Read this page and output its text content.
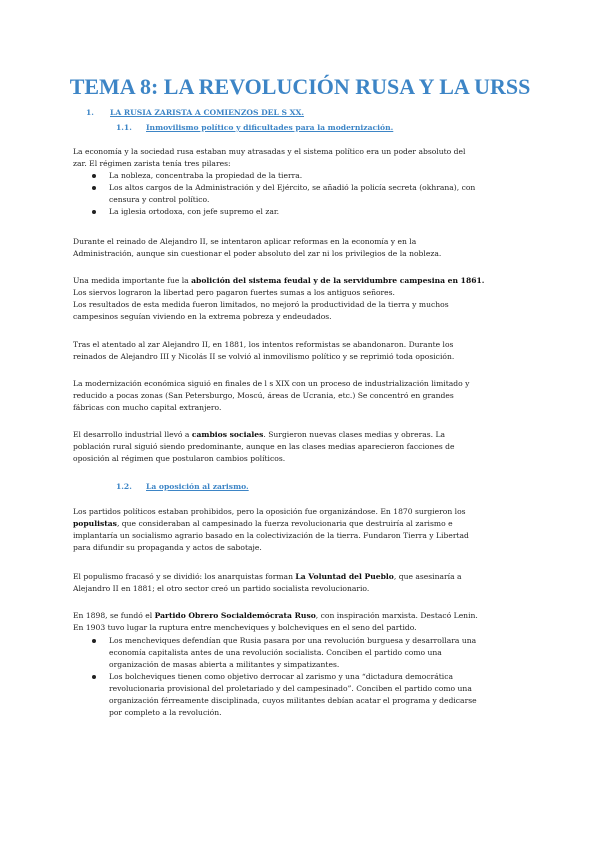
TEMA 8: LA REVOLUCIÓN RUSA Y LA URSS
1. LA RUSIA ZARISTA A COMIENZOS DEL S XX.
1.1. Inmovilismo político y dificultades para la modernización.

La economía y la sociedad rusa estaban muy atrasadas y el sistema político era un poder absoluto del

zar. El régimen zarista tenía tres pilares:

La nobleza, concentraba la propiedad de la tierra.
Los altos cargos de la Administración y del Ejército, se añadió la policía secreta (okhrana), con
censura y control político.
La iglesia ortodoxa, con jefe supremo el zar.

Durante el reinado de Alejandro II, se intentaron aplicar reformas en la economía y en la

Administración, aunque sin cuestionar el poder absoluto del zar ni los privilegios de la nobleza.

Una medida importante fue la abolición del sistema feudal y de la servidumbre campesina en 1861.

Los siervos lograron la libertad pero pagaron fuertes sumas a los antiguos señores.

Los resultados de esta medida fueron limitados, no mejoró la productividad de la tierra y muchos

campesinos seguían viviendo en la extrema pobreza y endeudados.

Tras el atentado al zar Alejandro II, en 1881, los intentos reformistas se abandonaron. Durante los

reinados de Alejandro III y Nicolás II se volvió al inmovilismo político y se reprimió toda oposición.

La modernización económica siguió en finales de l s XIX con un proceso de industrialización limitado y

reducido a pocas zonas (San Petersburgo, Moscú, áreas de Ucrania, etc.) Se concentró en grandes

fábricas con mucho capital extranjero.

El desarrollo industrial llevó a cambios sociales. Surgieron nuevas clases medias y obreras. La

población rural siguió siendo predominante, aunque en las clases medias aparecieron facciones de

oposición al régimen que postularon cambios políticos.

1.2. La oposición al zarismo.

Los partidos políticos estaban prohibidos, pero la oposición fue organizándose. En 1870 surgieron los

populistas, que consideraban al campesinado la fuerza revolucionaria que destruiría al zarismo e

implantaría un socialismo agrario basado en la colectivización de la tierra. Fundaron Tierra y Libertad

para difundir su propaganda y actos de sabotaje.

El populismo fracasó y se dividió: los anarquistas forman La Voluntad del Pueblo, que asesinaría a

Alejandro II en 1881; el otro sector creó un partido socialista revolucionario.

En 1898, se fundó el Partido Obrero Socialdemócrata Ruso, con inspiración marxista. Destacó Lenin.

En 1903 tuvo lugar la ruptura entre mencheviques y bolcheviques en el seno del partido.

Los mencheviques defendían que Rusia pasara por una revolución burguesa y desarrollara una
economía capitalista antes de una revolución socialista. Conciben el partido como una
organización de masas abierta a militantes y simpatizantes.
Los bolcheviques tienen como objetivo derrocar al zarismo y una “dictadura democrática
revolucionaria provisional del proletariado y del campesinado”. Conciben el partido como una
organización férreamente disciplinada, cuyos militantes debían acatar el programa y dedicarse
por completo a la revolución.
